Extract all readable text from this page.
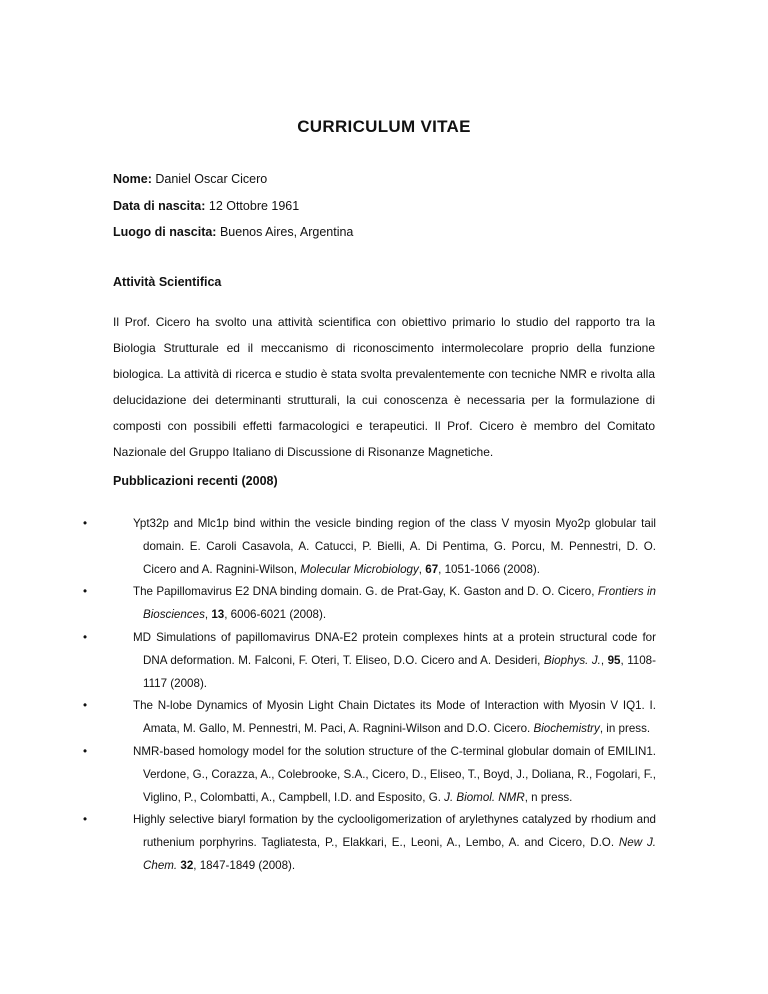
CURRICULUM VITAE
Nome: Daniel Oscar Cicero
Data di nascita: 12 Ottobre 1961
Luogo di nascita: Buenos Aires, Argentina
Attività Scientifica
Il Prof. Cicero ha svolto una attività scientifica con obiettivo primario lo studio del rapporto tra la Biologia Strutturale ed il meccanismo di riconoscimento intermolecolare proprio della funzione biologica. La attività di ricerca e studio è stata svolta prevalentemente con tecniche NMR e rivolta alla delucidazione dei determinanti strutturali, la cui conoscenza è necessaria per la formulazione di composti con possibili effetti farmacologici e terapeutici. Il Prof. Cicero è membro del Comitato Nazionale del Gruppo Italiano di Discussione di Risonanze Magnetiche.
Pubblicazioni recenti (2008)
•	Ypt32p and Mlc1p bind within the vesicle binding region of the class V myosin Myo2p globular tail domain. E. Caroli Casavola, A. Catucci, P. Bielli, A. Di Pentima, G. Porcu, M. Pennestri, D. O. Cicero and A. Ragnini-Wilson, Molecular Microbiology, 67, 1051-1066 (2008).
•	The Papillomavirus E2 DNA binding domain. G. de Prat-Gay, K. Gaston and D. O. Cicero, Frontiers in Biosciences, 13, 6006-6021 (2008).
•	MD Simulations of papillomavirus DNA-E2 protein complexes hints at a protein structural code for DNA deformation. M. Falconi, F. Oteri, T. Eliseo, D.O. Cicero and A. Desideri, Biophys. J., 95, 1108-1117 (2008).
•	The N-lobe Dynamics of Myosin Light Chain Dictates its Mode of Interaction with Myosin V IQ1. I. Amata, M. Gallo, M. Pennestri, M. Paci, A. Ragnini-Wilson and D.O. Cicero. Biochemistry, in press.
•	NMR-based homology model for the solution structure of the C-terminal globular domain of EMILIN1. Verdone, G., Corazza, A., Colebrooke, S.A., Cicero, D., Eliseo, T., Boyd, J., Doliana, R., Fogolari, F., Viglino, P., Colombatti, A., Campbell, I.D. and Esposito, G. J. Biomol. NMR, n press.
•	Highly selective biaryl formation by the cyclooligomerization of arylethynes catalyzed by rhodium and ruthenium porphyrins. Tagliatesta, P., Elakkari, E., Leoni, A., Lembo, A. and Cicero, D.O. New J. Chem. 32, 1847-1849 (2008).
